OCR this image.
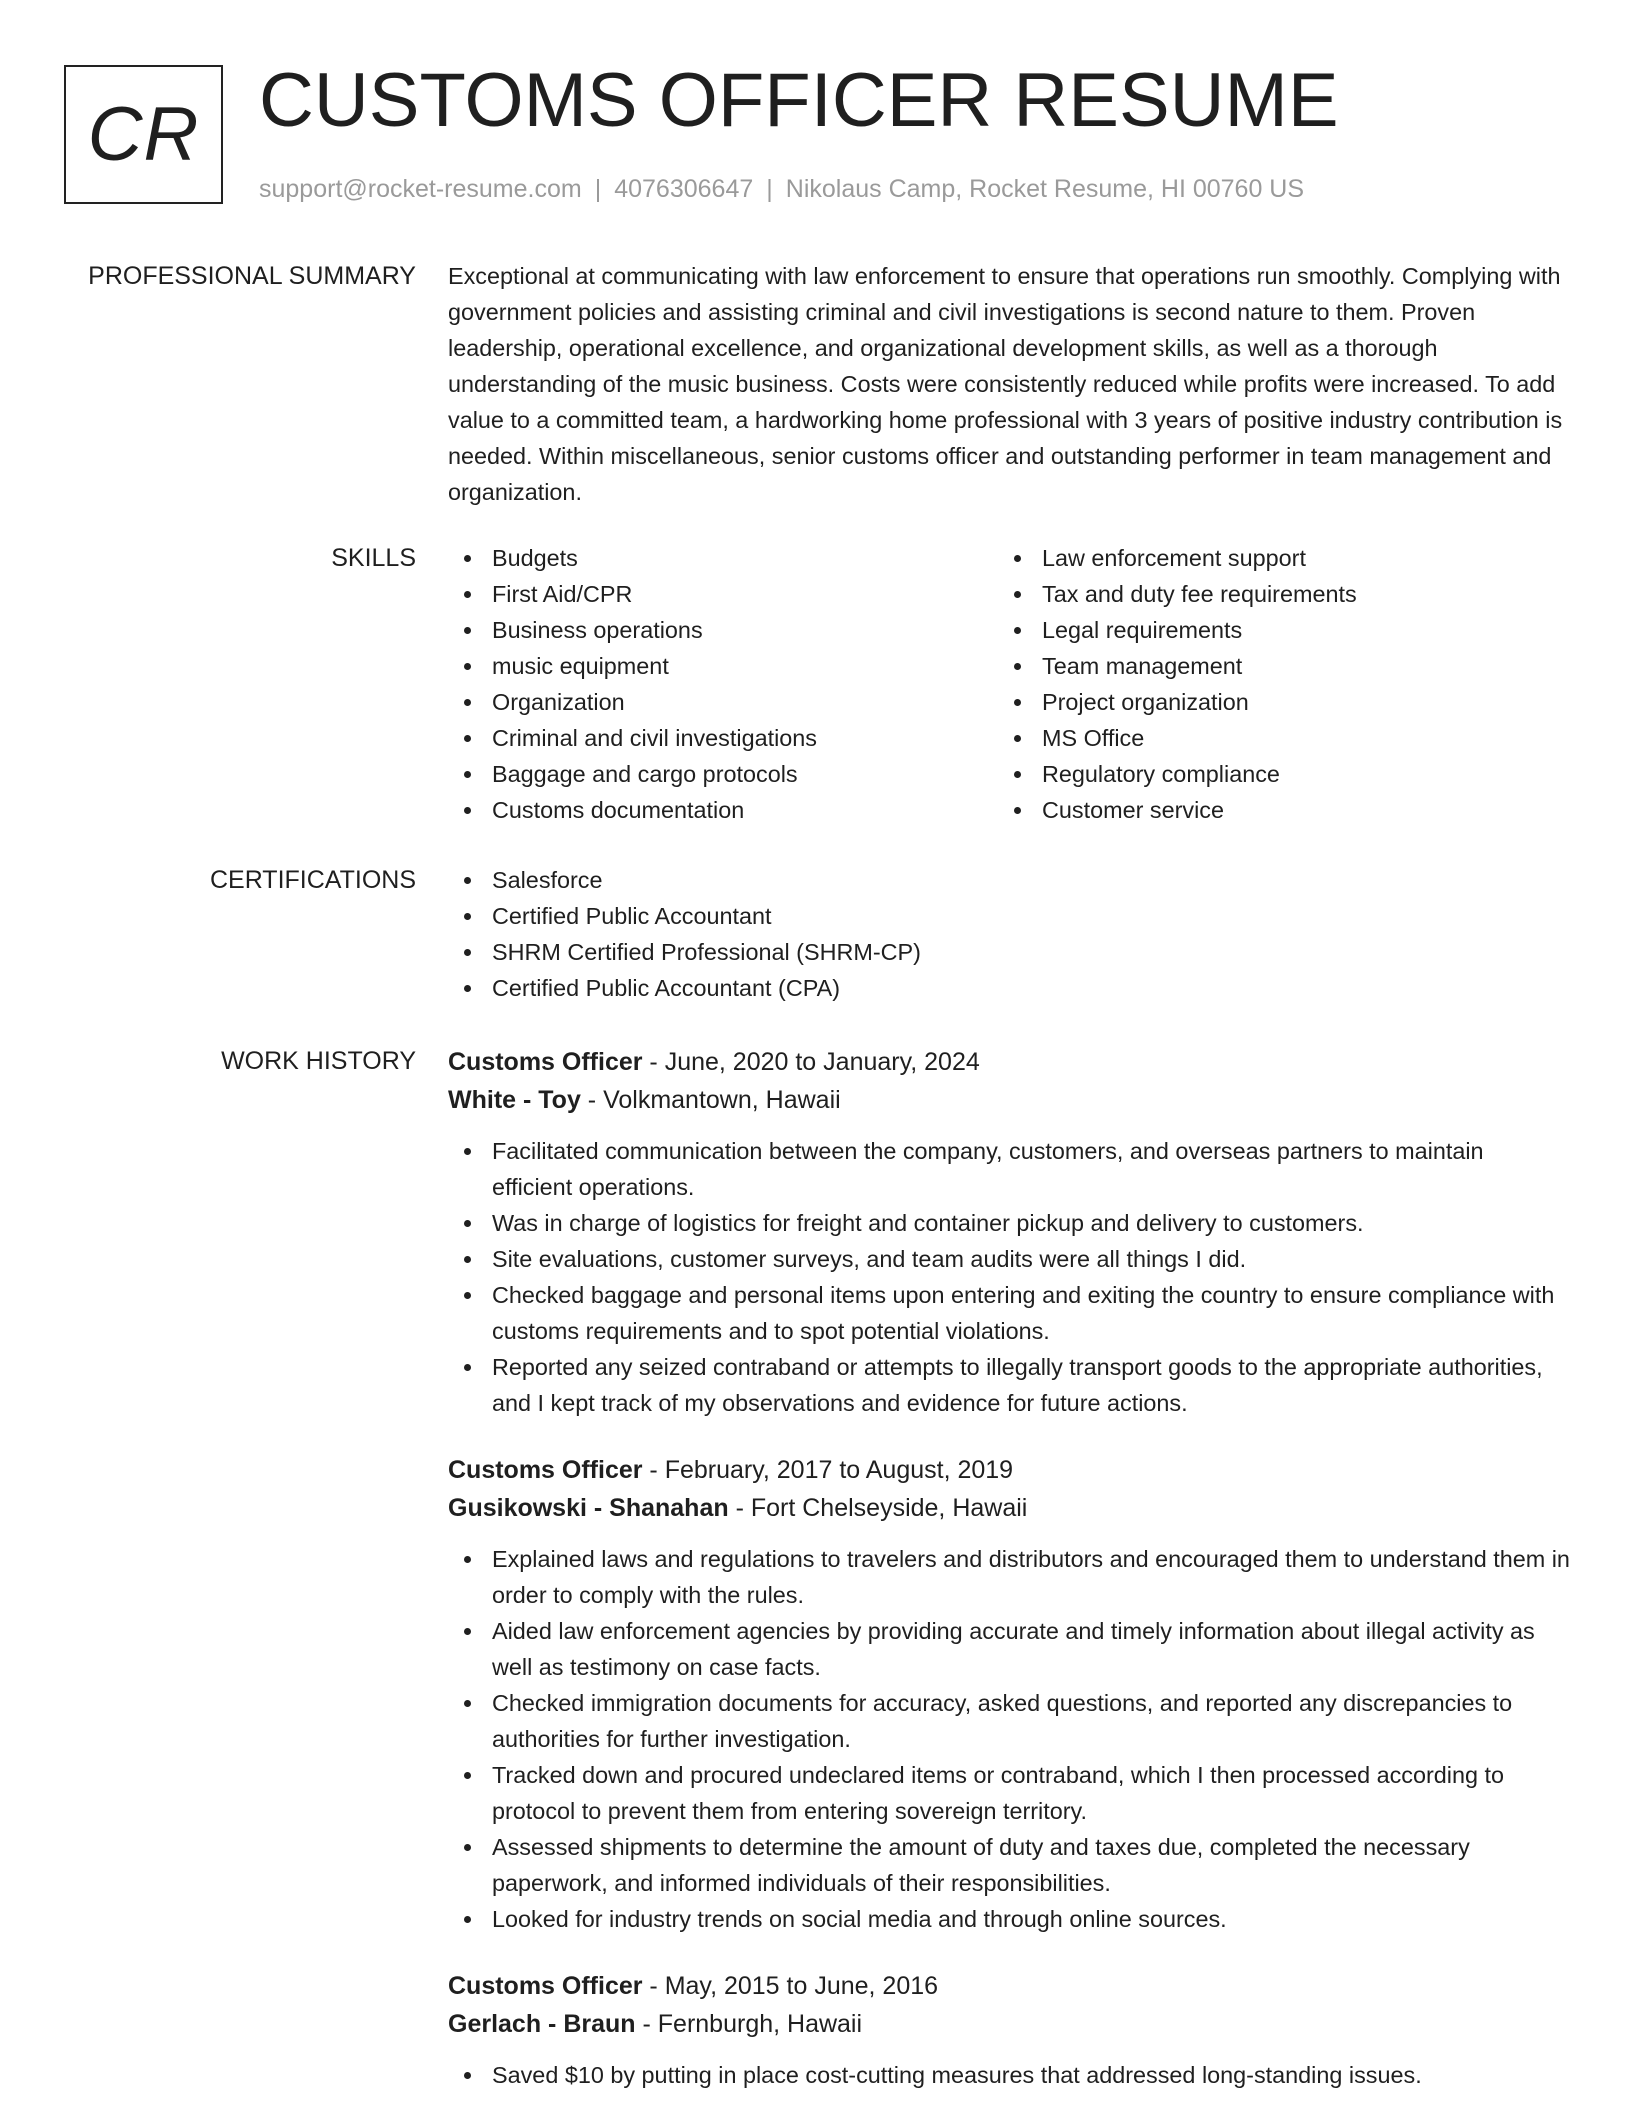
CR CUSTOMS OFFICER RESUME
support@rocket-resume.com | 4076306647 | Nikolaus Camp, Rocket Resume, HI 00760 US
PROFESSIONAL SUMMARY Exceptional at communicating with law enforcement to ensure that operations run smoothly. Complying with government policies and assisting criminal and civil investigations is second nature to them. Proven leadership, operational excellence, and organizational development skills, as well as a thorough understanding of the music business. Costs were consistently reduced while profits were increased. To add value to a committed team, a hardworking home professional with 3 years of positive industry contribution is needed. Within miscellaneous, senior customs officer and outstanding performer in team management and organization.

SKILLS	Budgets
First Aid/CPR
Business operations
music equipment
Organization
Criminal and civil investigations
Baggage and cargo protocols
Customs documentation
Law enforcement support
Tax and duty fee requirements
Legal requirements
Team management
Project organization
MS Office
Regulatory compliance
Customer service
CERTIFICATIONS	Salesforce
Certified Public Accountant
SHRM Certified Professional (SHRM-CP)
Certified Public Accountant (CPA)
WORK HISTORY Customs Officer - June, 2020 to January, 2024
White - Toy - Volkmantown, Hawaii
Facilitated communication between the company, customers, and overseas partners to maintain efficient operations.
Was in charge of logistics for freight and container pickup and delivery to customers.
Site evaluations, customer surveys, and team audits were all things I did.
Checked baggage and personal items upon entering and exiting the country to ensure compliance with customs requirements and to spot potential violations.
Reported any seized contraband or attempts to illegally transport goods to the appropriate authorities, and I kept track of my observations and evidence for future actions.
Customs Officer - February, 2017 to August, 2019
Gusikowski - Shanahan - Fort Chelseyside, Hawaii
Explained laws and regulations to travelers and distributors and encouraged them to understand them in order to comply with the rules.
Aided law enforcement agencies by providing accurate and timely information about illegal activity as well as testimony on case facts.
Checked immigration documents for accuracy, asked questions, and reported any discrepancies to authorities for further investigation.
Tracked down and procured undeclared items or contraband, which I then processed according to protocol to prevent them from entering sovereign territory.
Assessed shipments to determine the amount of duty and taxes due, completed the necessary paperwork, and informed individuals of their responsibilities.
Looked for industry trends on social media and through online sources.
Customs Officer - May, 2015 to June, 2016
Gerlach - Braun - Fernburgh, Hawaii
Saved $10 by putting in place cost-cutting measures that addressed long-standing issues.
